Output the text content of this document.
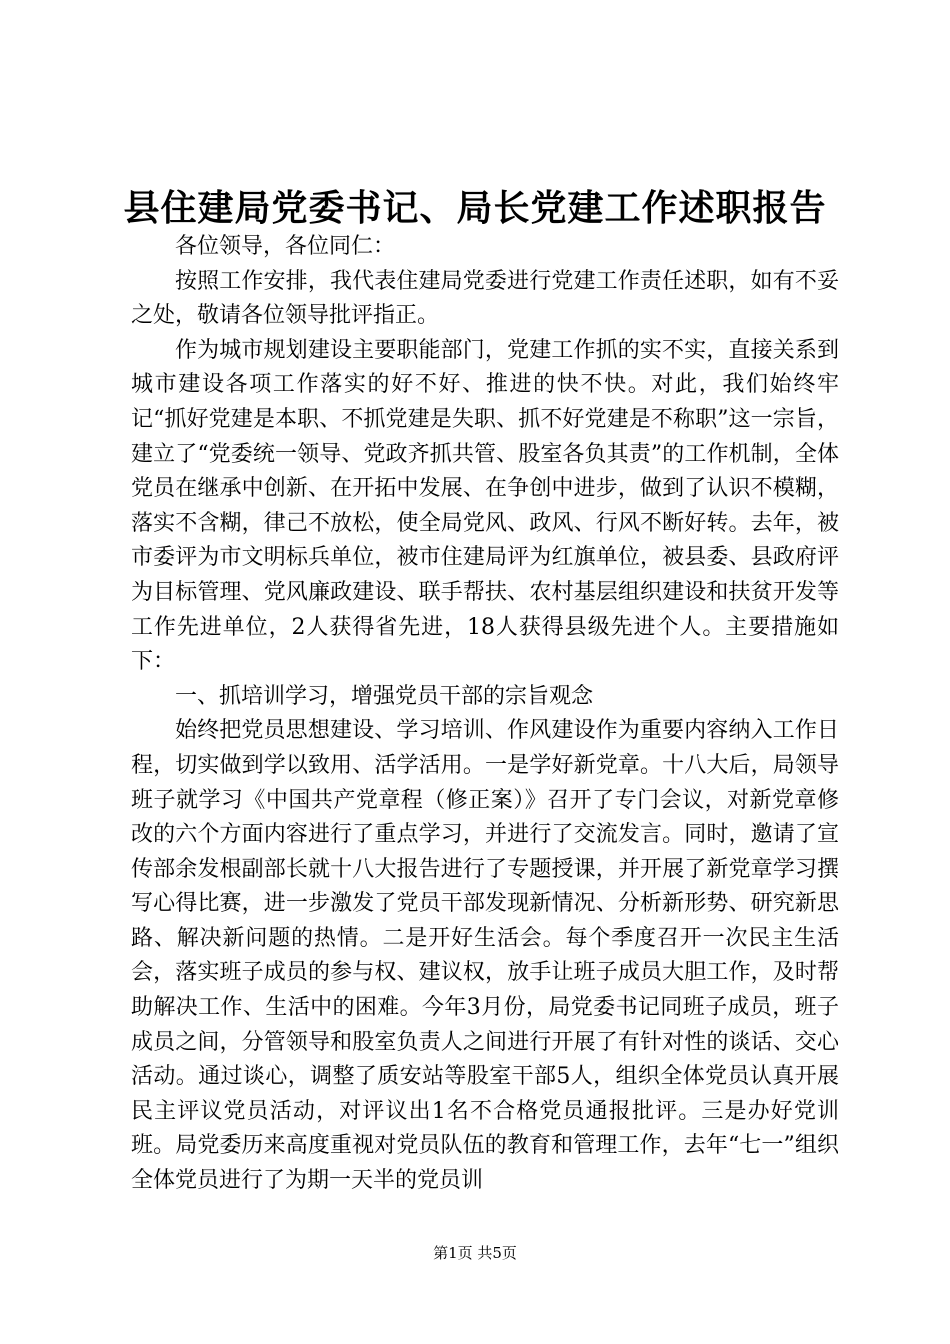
县住建局党委书记、局长党建工作述职报告

各位领导，各位同仁：

按照工作安排，我代表住建局党委进行党建工作责任述职，如有不妥之处，敬请各位领导批评指正。

作为城市规划建设主要职能部门，党建工作抓的实不实，直接关系到城市建设各项工作落实的好不好、推进的快不快。对此，我们始终牢记“抓好党建是本职、不抓党建是失职、抓不好党建是不称职”这一宗旨，建立了“党委统一领导、党政齐抓共管、股室各负其责”的工作机制，全体党员在继承中创新、在开拓中发展、在争创中进步，做到了认识不模糊，落实不含糊，律己不放松，使全局党风、政风、行风不断好转。去年，被市委评为市文明标兵单位，被市住建局评为红旗单位，被县委、县政府评为目标管理、党风廉政建设、联手帮扶、农村基层组织建设和扶贫开发等工作先进单位，2人获得省先进，18人获得县级先进个人。主要措施如下：

一、抓培训学习，增强党员干部的宗旨观念

始终把党员思想建设、学习培训、作风建设作为重要内容纳入工作日程，切实做到学以致用、活学活用。一是学好新党章。十八大后，局领导班子就学习《中国共产党章程（修正案）》召开了专门会议，对新党章修改的六个方面内容进行了重点学习，并进行了交流发言。同时，邀请了宣传部余发根副部长就十八大报告进行了专题授课，并开展了新党章学习撰写心得比赛，进一步激发了党员干部发现新情况、分析新形势、研究新思路、解决新问题的热情。二是开好生活会。每个季度召开一次民主生活会，落实班子成员的参与权、建议权，放手让班子成员大胆工作，及时帮助解决工作、生活中的困难。今年3月份，局党委书记同班子成员，班子成员之间，分管领导和股室负责人之间进行开展了有针对性的谈话、交心活动。通过谈心，调整了质安站等股室干部5人，组织全体党员认真开展民主评议党员活动，对评议出1名不合格党员通报批评。三是办好党训班。局党委历来高度重视对党员队伍的教育和管理工作，去年“七一”组织全体党员进行了为期一天半的党员训

第1页 共5页
